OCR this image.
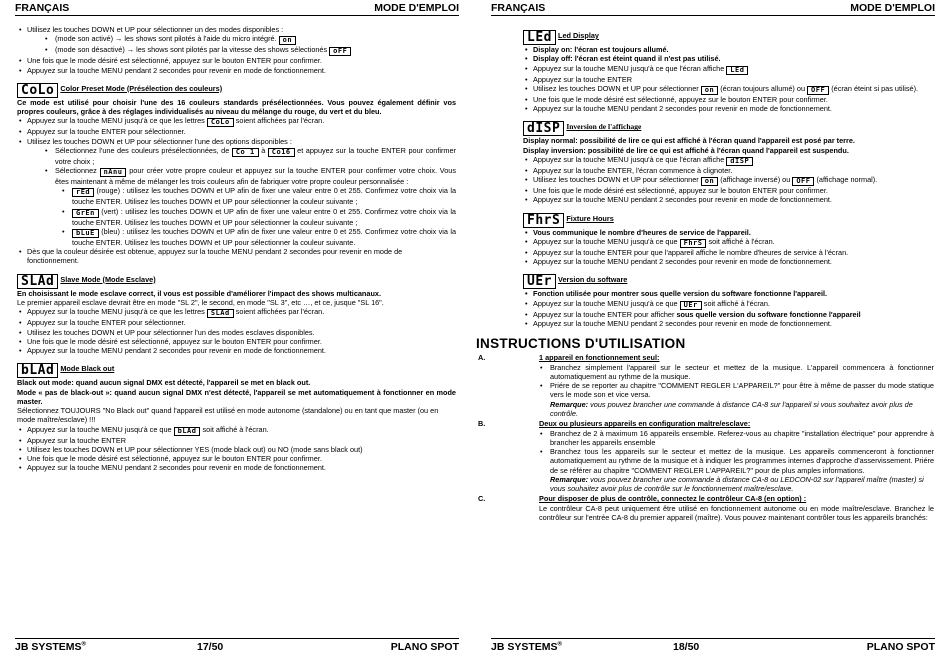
FRANÇAIS	MODE D'EMPLOI

• Utilisez les touches DOWN et UP pour sélectionner un des modes disponibles :

• (mode son activé) → les shows sont pilotés à l'aide du micro intégré. on

• (mode son désactivé) → les shows sont pilotés par la vitesse des shows sélectionés oFF

• Une fois que le mode désiré est sélectionné, appuyez sur le bouton ENTER pour confirmer.

• Appuyez sur la touche MENU pendant 2 secondes pour revenir en mode de fonctionnement.

CoLo Color Preset Mode (Présélection des couleurs)

Ce mode est utilisé pour choisir l'une des 16 couleurs standards présélectionnées. Vous pouvez également définir vos propres couleurs, grâce à des réglages individualisés au niveau du mélange du rouge, du vert et du bleu.

• Appuyez sur la touche MENU jusqu'à ce que les lettres CoLo soient affichées par l'écran.

• Appuyez sur la touche ENTER pour sélectionner.

• Utilisez les touches DOWN et UP pour sélectionner l'une des options disponibles :

• Sélectionnez l'une des couleurs présélectionnées, de Co 1 à Co16 et appuyez sur la touche ENTER pour confirmer votre choix ;

• Sélectionnez nAnu pour créer votre propre couleur et appuyez sur la touche ENTER pour confirmer votre choix. Vous êtes maintenant à même de mélanger les trois couleurs afin de fabriquer votre propre couleur personnalisée :

• rEd (rouge) : utilisez les touches DOWN et UP afin de fixer une valeur entre 0 et 255. Confirmez votre choix via la touche ENTER. Utilisez les touches DOWN et UP pour sélectionner la couleur suivante ;

• GrEn (vert) : utilisez les touches DOWN et UP afin de fixer une valeur entre 0 et 255. Confirmez votre choix via la touche ENTER. Utilisez les touches DOWN et UP pour sélectionner la couleur suivante ;

• bLuE (bleu) : utilisez les touches DOWN et UP afin de fixer une valeur entre 0 et 255. Confirmez votre choix via la touche ENTER. Utilisez les touches DOWN et UP pour sélectionner la couleur suivante.

• Dès que la couleur désirée est obtenue, appuyez sur la touche MENU pendant 2 secondes pour revenir en mode de fonctionnement.

SLAd Slave Mode (Mode Esclave)

En choisissant le mode esclave correct, il vous est possible d'améliorer l'impact des shows multicanaux.

Le premier appareil esclave devrait être en mode "SL 2", le second, en mode "SL 3", etc …, et ce, jusque "SL 16".

• Appuyez sur la touche MENU jusqu'à ce que les lettres SLAd soient affichées par l'écran.

• Appuyez sur la touche ENTER pour sélectionner.

• Utilisez les touches DOWN et UP pour sélectionner l'un des modes esclaves disponibles.

• Une fois que le mode désiré est sélectionné, appuyez sur le bouton ENTER pour confirmer.

• Appuyez sur la touche MENU pendant 2 secondes pour revenir en mode de fonctionnement.

bLAd Mode Black out

Black out mode: quand aucun signal DMX est détecté, l'appareil se met en black out.

Mode « pas de black-out »: quand aucun signal DMX n'est détecté, l'appareil se met automatiquement à fonctionner en mode master.

Sélectionnez TOUJOURS "No Black out" quand l'appareil est utilisé en mode autonome (standalone) ou en tant que master (ou en mode maître/esclave) !!!

• Appuyez sur la touche MENU jusqu'à ce que bLAd soit affiché à l'écran.

• Appuyez sur la touche ENTER

• Utilisez les touches DOWN et UP pour sélectionner YES (mode black out) ou NO (mode sans black out)

• Une fois que le mode désiré est sélectionné, appuyez sur le bouton ENTER pour confirmer.

• Appuyez sur la touche MENU pendant 2 secondes pour revenir en mode de fonctionnement.

JB SYSTEMS®	17/50	PLANO SPOT
FRANÇAIS	MODE D'EMPLOI

LEd Led Display

• Display on: l'écran est toujours allumé.

• Display off: l'écran est éteint quand il n'est pas utilisé.

• Appuyez sur la touche MENU jusqu'à ce que l'écran affiche LEd

• Appuyez sur la touche ENTER

• Utilisez les touches DOWN et UP pour sélectionner on (écran toujours allumé) ou OFF (écran éteint si pas utilisé).

• Une fois que le mode désiré est sélectionné, appuyez sur le bouton ENTER pour confirmer.

• Appuyez sur la touche MENU pendant 2 secondes pour revenir en mode de fonctionnement.

dISP Inversion de l'affichage

Display normal: possibilité de lire ce qui est affiché à l'écran quand l'appareil est posé par terre.

Display inversion: possibilité de lire ce qui est affiché à l'écran quand l'appareil est suspendu.

• Appuyez sur la touche MENU jusqu'à ce que l'écran affiche dISP

• Appuyez sur la touche ENTER, l'écran commence à clignoter.

• Utilisez les touches DOWN et UP pour sélectionner on (affichage inversé) ou OFF (affichage normal).

• Une fois que le mode désiré est sélectionné, appuyez sur le bouton ENTER pour confirmer.

• Appuyez sur la touche MENU pendant 2 secondes pour revenir en mode de fonctionnement.

FhrS Fixture Hours

• Vous communique le nombre d'heures de service de l'appareil.

• Appuyez sur la touche MENU jusqu'à ce que FhrS soit affiché à l'écran.

• Appuyez sur la touche ENTER pour que l'appareil affiche le nombre d'heures de service à l'écran.

• Appuyez sur la touche MENU pendant 2 secondes pour revenir en mode de fonctionnement.

UEr Version du software

• Fonction utilisée pour montrer sous quelle version du software fonctionne l'appareil.

• Appuyez sur la touche MENU jusqu'à ce que UEr soit affiché à l'écran.

• Appuyez sur la touche ENTER pour afficher sous quelle version du software fonctionne l'appareil

• Appuyez sur la touche MENU pendant 2 secondes pour revenir en mode de fonctionnement.

INSTRUCTIONS D'UTILISATION

A.	1 appareil en fonctionnement seul:

• Branchez simplement l'appareil sur le secteur et mettez de la musique. L'appareil commencera à fonctionner automatiquement au rythme de la musique.

• Priére de se reporter au chapitre "COMMENT REGLER L'APPAREIL?" pour être à même de passer du mode statique vers le mode son et vice versa.

Remarque: vous pouvez brancher une commande à distance CA-8 sur l'appareil si vous souhaitez avoir plus de contrôle.

B.	Deux ou plusieurs appareils en configuration maître/esclave:

• Branchez de 2 à maximum 16 appareils ensemble. Referez-vous au chapitre "installation électrique" pour apprendre à brancher les appareils ensemble

• Branchez tous les appareils sur le secteur et mettez de la musique. Les appareils commenceront à fonctionner automatiquement au rythme de la musique et à indiquer les programmes internes d'approche d'asservissement. Priére de se référer au chapitre "COMMENT REGLER L'APPAREIL?" pour de plus amples informations.

Remarque: vous pouvez brancher une commande à distance CA-8 ou LEDCON-02 sur l'appareil maître (master) si vous souhaitez avoir plus de contrôle sur le fonctionnement maître/esclave.

C.	Pour disposer de plus de contrôle, connectez le contrôleur CA-8 (en option) :

Le contrôleur CA-8 peut uniquement être utilisé en fonctionnement autonome ou en mode maître/esclave. Branchez le contrôleur sur l'entrée CA-8 du premier appareil (maître). Vous pouvez maintenant contrôler tous les appareils branchés:

JB SYSTEMS®	18/50	PLANO SPOT
